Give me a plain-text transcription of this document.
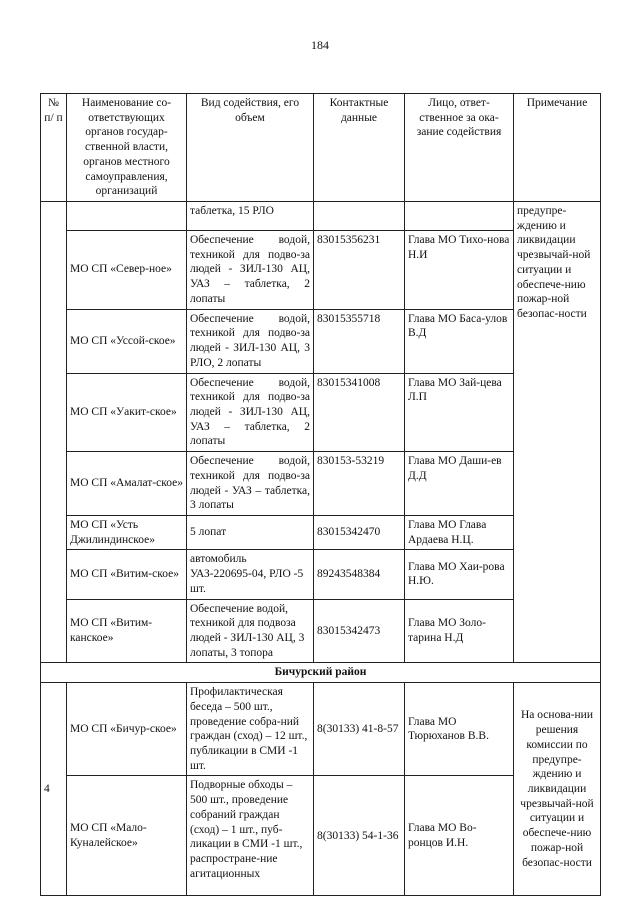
184
№ п/ п	Наименование со-ответствующих органов государ-ственной власти, органов местного самоуправления, организаций	Вид содействия, его объем	Контактные данные	Лицо, ответ-ственное за ока-зание содействия	Примечание
		таблетка, 15 РЛО			предупре-ждению и ликвидации чрезвычай-ной ситуации и обеспече-нию пожар-ной безопас-ности
	МО СП «Север-ное»	Обеспечение водой, техникой для подво-за людей - ЗИЛ-130 АЦ, УАЗ – таблетка, 2 лопаты	83015356231	Глава МО Тихо-нова Н.И	
	МО СП «Уссой-ское»	Обеспечение водой, техникой для подво-за людей - ЗИЛ-130 АЦ, 3 РЛО, 2 лопаты	83015355718	Глава МО Баса-улов В.Д	
	МО СП «Уакит-ское»	Обеспечение водой, техникой для подво-за людей - ЗИЛ-130 АЦ, УАЗ – таблетка, 2 лопаты	83015341008	Глава МО Зай-цева Л.П	
	МО СП «Амалат-ское»	Обеспечение водой, техникой для подво-за людей - УАЗ – таблетка, 3 лопаты	830153-53219	Глава МО Даши-ев Д.Д	
	МО СП «Усть Джилиндинское»	5 лопат	83015342470	Глава МО Глава Ардаева Н.Ц.	
	МО СП «Витим-ское»	автомобиль УАЗ-220695-04, РЛО -5 шт.	89243548384	Глава МО Хаи-рова Н.Ю.	
	МО СП «Витим-канское»	Обеспечение водой, техникой для подвоза людей - ЗИЛ-130 АЦ, 3 лопаты, 3 топора	83015342473	Глава МО Золо-тарина Н.Д	
Бичурский район					
4	МО СП «Бичур-ское»	Профилактическая беседа – 500 шт., проведение собра-ний граждан (сход) – 12 шт., публикации в СМИ -1 шт.	8(30133) 41-8-57	Глава МО Тюрюханов В.В.	На основа-нии решения комиссии по предупре-ждению и ликвидации чрезвычай-ной ситуации и обеспече-нию пожар-ной безопас-ности
	МО СП «Мало-Куналейское»	Подворные обходы – 500 шт., проведение собраний граждан (сход) – 1 шт., пуб-ликации в СМИ -1 шт., распростране-ние агитационных	8(30133) 54-1-36	Глава МО Во-ронцов И.Н.	
